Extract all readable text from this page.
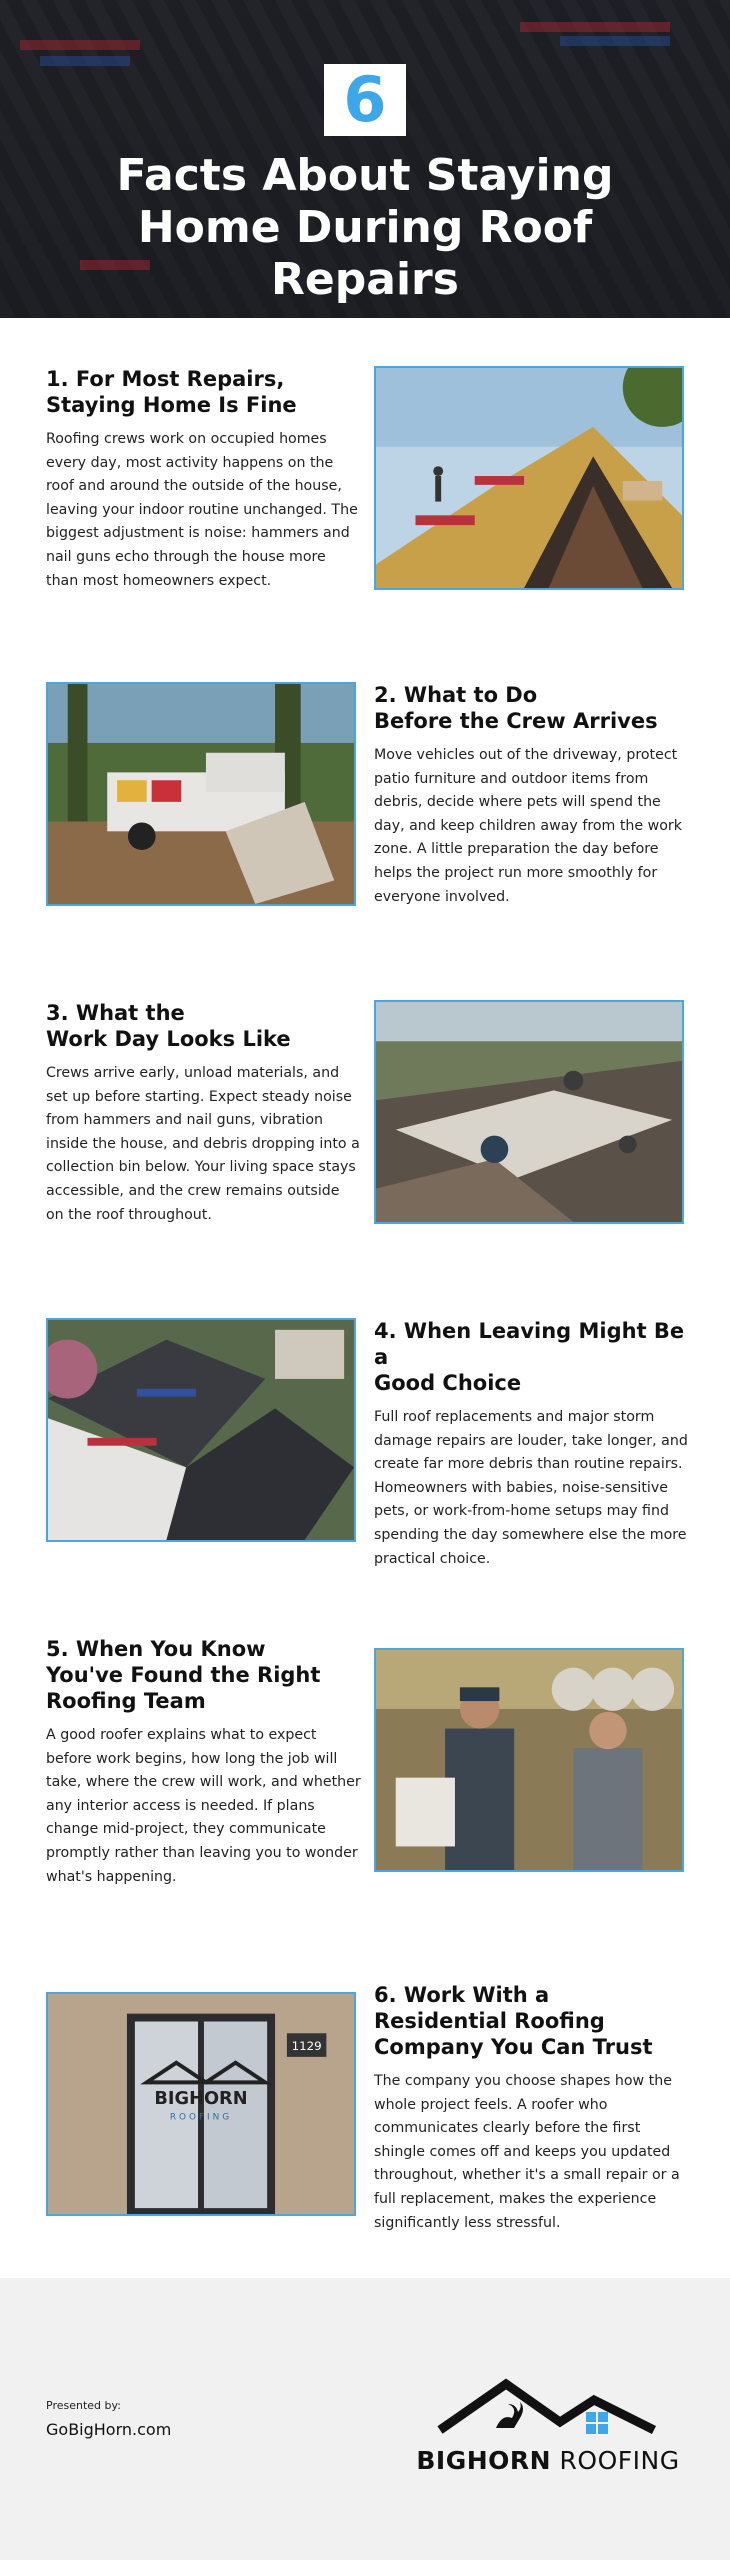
6
Facts About Staying Home During Roof Repairs
1. For Most Repairs,
Staying Home Is Fine

Roofing crews work on occupied homes every day, most activity happens on the roof and around the outside of the house, leaving your indoor routine unchanged. The biggest adjustment is noise: hammers and nail guns echo through the house more than most homeowners expect.

2. What to Do
Before the Crew Arrives

Move vehicles out of the driveway, protect patio furniture and outdoor items from debris, decide where pets will spend the day, and keep children away from the work zone. A little preparation the day before helps the project run more smoothly for everyone involved.

3. What the
Work Day Looks Like

Crews arrive early, unload materials, and set up before starting. Expect steady noise from hammers and nail guns, vibration inside the house, and debris dropping into a collection bin below. Your living space stays accessible, and the crew remains outside on the roof throughout.

4. When Leaving Might Be a
Good Choice

Full roof replacements and major storm damage repairs are louder, take longer, and create far more debris than routine repairs. Homeowners with babies, noise-sensitive pets, or work-from-home setups may find spending the day somewhere else the more practical choice.

5. When You Know
You've Found the Right
Roofing Team

A good roofer explains what to expect before work begins, how long the job will take, where the crew will work, and whether any interior access is needed. If plans change mid-project, they communicate promptly rather than leaving you to wonder what's happening.

1129
BIGHORN
ROOFING
6. Work With a
Residential Roofing
Company You Can Trust

The company you choose shapes how the whole project feels. A roofer who communicates clearly before the first shingle comes off and keeps you updated throughout, whether it's a small repair or a full replacement, makes the experience significantly less stressful.

Presented by:
GoBigHorn.com
BIGHORN ROOFING
